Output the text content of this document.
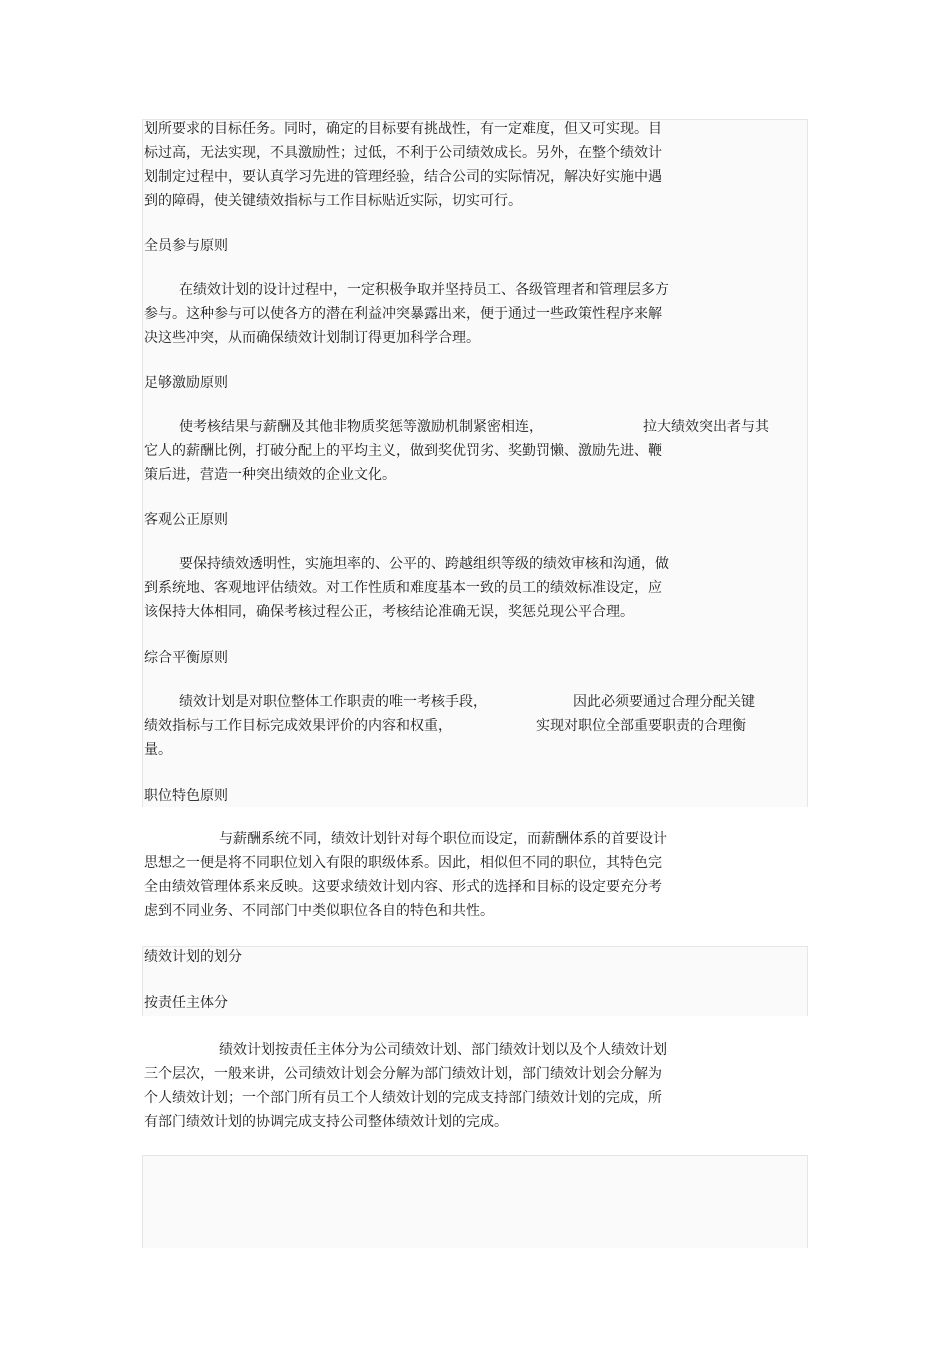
划所要求的目标任务。同时，确定的目标要有挑战性，有一定难度，但又可实现。目
标过高，无法实现，不具激励性；过低，不利于公司绩效成长。另外，在整个绩效计
划制定过程中，要认真学习先进的管理经验，结合公司的实际情况，解决好实施中遇
到的障碍，使关键绩效指标与工作目标贴近实际，切实可行。
全员参与原则
在绩效计划的设计过程中，一定积极争取并坚持员工、各级管理者和管理层多方
参与。这种参与可以使各方的潜在利益冲突暴露出来，便于通过一些政策性程序来解
决这些冲突，从而确保绩效计划制订得更加科学合理。
足够激励原则
使考核结果与薪酬及其他非物质奖惩等激励机制紧密相连，	拉大绩效突出者与其
它人的薪酬比例，打破分配上的平均主义，做到奖优罚劣、奖勤罚懒、激励先进、鞭
策后进，营造一种突出绩效的企业文化。
客观公正原则
要保持绩效透明性，实施坦率的、公平的、跨越组织等级的绩效审核和沟通，做
到系统地、客观地评估绩效。对工作性质和难度基本一致的员工的绩效标准设定，应
该保持大体相同，确保考核过程公正，考核结论准确无误，奖惩兑现公平合理。
综合平衡原则
绩效计划是对职位整体工作职责的唯一考核手段，	因此必须要通过合理分配关键
绩效指标与工作目标完成效果评价的内容和权重，	实现对职位全部重要职责的合理衡
量。
职位特色原则
与薪酬系统不同，绩效计划针对每个职位而设定，而薪酬体系的首要设计
思想之一便是将不同职位划入有限的职级体系。因此，相似但不同的职位，其特色完
全由绩效管理体系来反映。这要求绩效计划内容、形式的选择和目标的设定要充分考
虑到不同业务、不同部门中类似职位各自的特色和共性。
绩效计划的划分
按责任主体分
绩效计划按责任主体分为公司绩效计划、部门绩效计划以及个人绩效计划
三个层次，一般来讲，公司绩效计划会分解为部门绩效计划，部门绩效计划会分解为
个人绩效计划；一个部门所有员工个人绩效计划的完成支持部门绩效计划的完成，所
有部门绩效计划的协调完成支持公司整体绩效计划的完成。
